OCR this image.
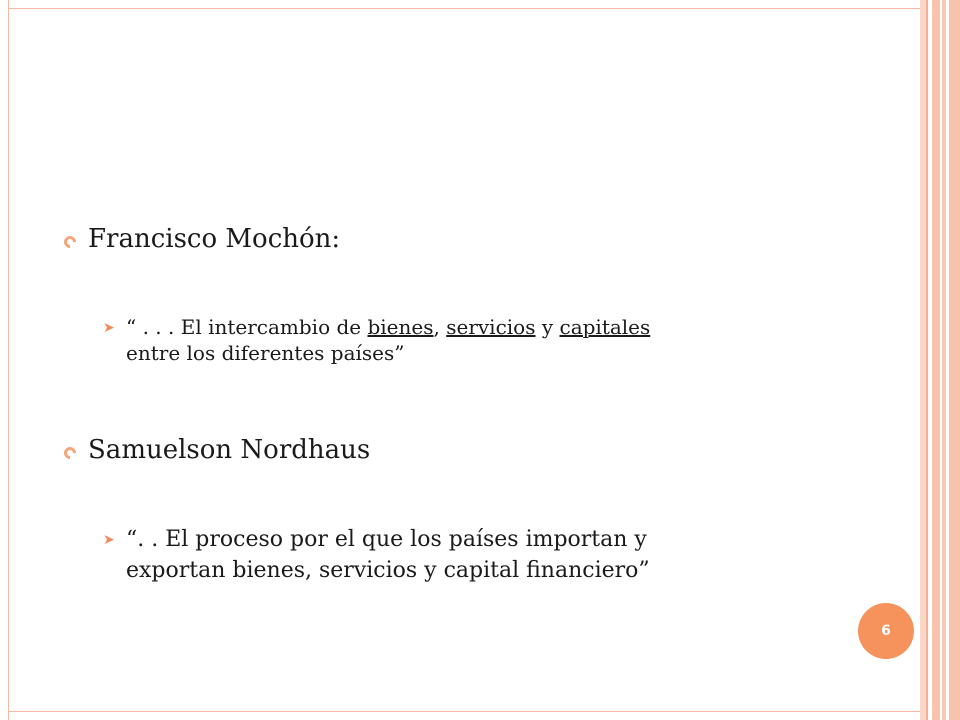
Francisco Mochón:
➤ “ . . . El intercambio de bienes, servicios y capitales
entre los diferentes países”
Samuelson Nordhaus
➤ “. . El proceso por el que los países importan y
exportan bienes, servicios y capital financiero”
6
